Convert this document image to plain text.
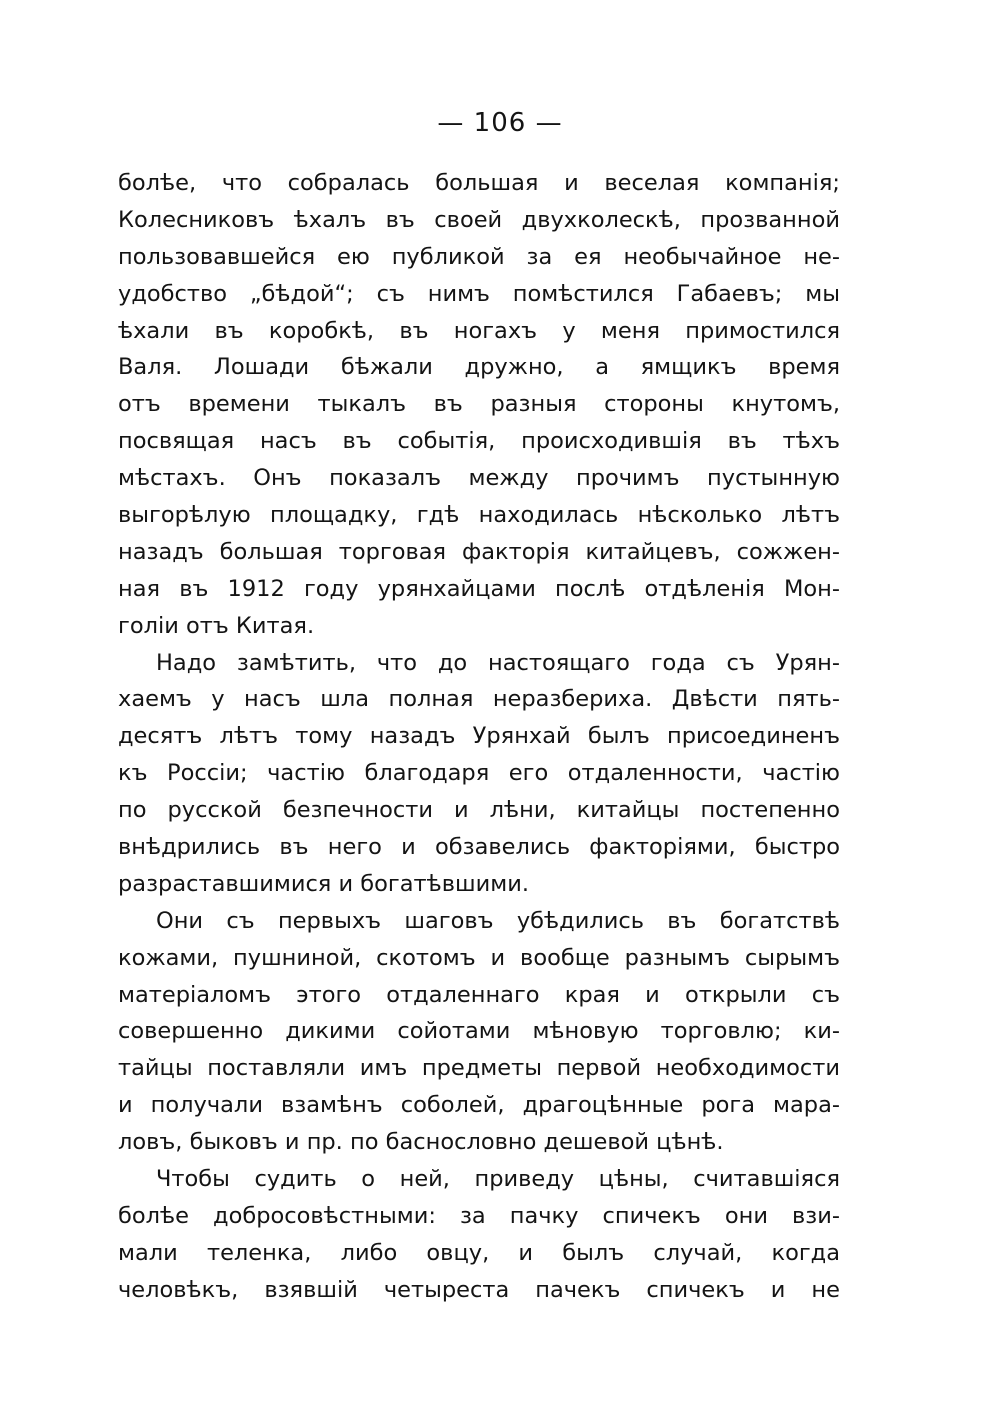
— 106 —
болѣе, что собралась большая и веселая компанія;
Колесниковъ ѣхалъ въ своей двухколескѣ, прозванной
пользовавшейся ею публикой за ея необычайное не-
удобство „бѣдой“; съ нимъ помѣстился Габаевъ; мы
ѣхали въ коробкѣ, въ ногахъ у меня примостился
Валя. Лошади бѣжали дружно, а ямщикъ время
отъ времени тыкалъ въ разныя стороны кнутомъ,
посвящая насъ въ событія, происходившія въ тѣхъ
мѣстахъ. Онъ показалъ между прочимъ пустынную
выгорѣлую площадку, гдѣ находилась нѣсколько лѣтъ
назадъ большая торговая факторія китайцевъ, сожжен-
ная въ 1912 году урянхайцами послѣ отдѣленія Мон-
голіи отъ Китая.
Надо замѣтить, что до настоящаго года съ Урян-
хаемъ у насъ шла полная неразбериха. Двѣсти пять-
десятъ лѣтъ тому назадъ Урянхай былъ присоединенъ
къ Россіи; частію благодаря его отдаленности, частію
по русской безпечности и лѣни, китайцы постепенно
внѣдрились въ него и обзавелись факторіями, быстро
разраставшимися и богатѣвшими.
Они съ первыхъ шаговъ убѣдились въ богатствѣ
кожами, пушниной, скотомъ и вообще разнымъ сырымъ
матеріаломъ этого отдаленнаго края и открыли съ
совершенно дикими сойотами мѣновую торговлю; ки-
тайцы поставляли имъ предметы первой необходимости
и получали взамѣнъ соболей, драгоцѣнные рога мара-
ловъ, быковъ и пр. по баснословно дешевой цѣнѣ.
Чтобы судить о ней, приведу цѣны, считавшіяся
болѣе добросовѣстными: за пачку спичекъ они взи-
мали теленка, либо овцу, и былъ случай, когда
человѣкъ, взявшій четыреста пачекъ спичекъ и не
